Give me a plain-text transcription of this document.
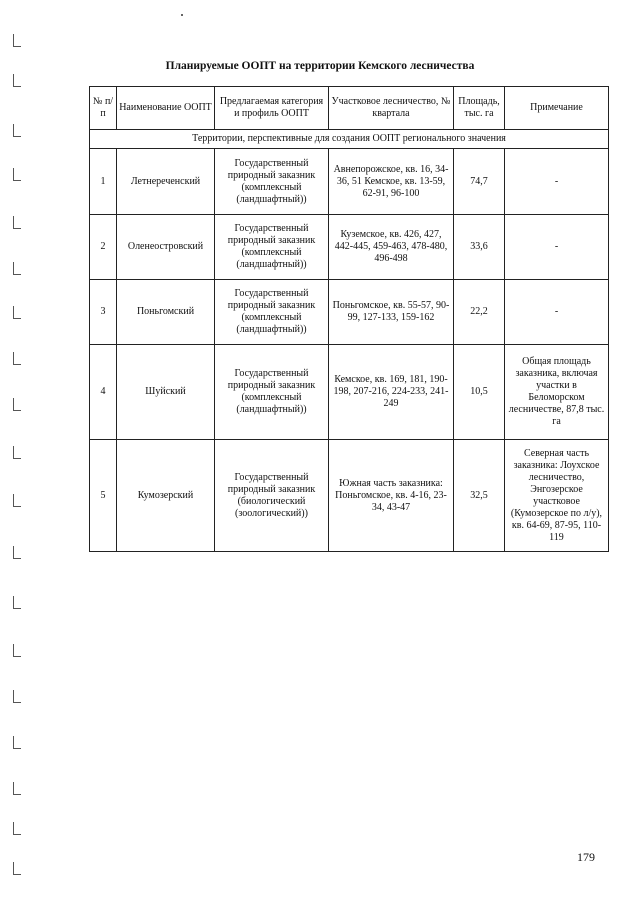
Планируемые ООПТ на территории Кемского лесничества
№ п/п	Наименование ООПТ	Предлагаемая категория и профиль ООПТ	Участковое лесничество, № квартала	Площадь, тыс. га	Примечание
Территории, перспективные для создания ООПТ регионального значения					
1	Летнереченский	Государственный природный заказник (комплексный (ландшафтный))	Авнепорожское, кв. 16, 34-36, 51 Кемское, кв. 13-59, 62-91, 96-100	74,7	-
2	Оленеостровский	Государственный природный заказник (комплексный (ландшафтный))	Куземское, кв. 426, 427, 442-445, 459-463, 478-480, 496-498	33,6	-
3	Поньгомский	Государственный природный заказник (комплексный (ландшафтный))	Поньгомское, кв. 55-57, 90-99, 127-133, 159-162	22,2	-
4	Шуйский	Государственный природный заказник (комплексный (ландшафтный))	Кемское, кв. 169, 181, 190-198, 207-216, 224-233, 241-249	10,5	Общая площадь заказника, включая участки в Беломорском лесничестве, 87,8 тыс. га
5	Кумозерский	Государственный природный заказник (биологический (зоологический))	Южная часть заказника: Поньгомское, кв. 4-16, 23-34, 43-47	32,5	Северная часть заказника: Лоухское лесничество, Энгозерское участковое (Кумозерское по л/у), кв. 64-69, 87-95, 110-119
179
